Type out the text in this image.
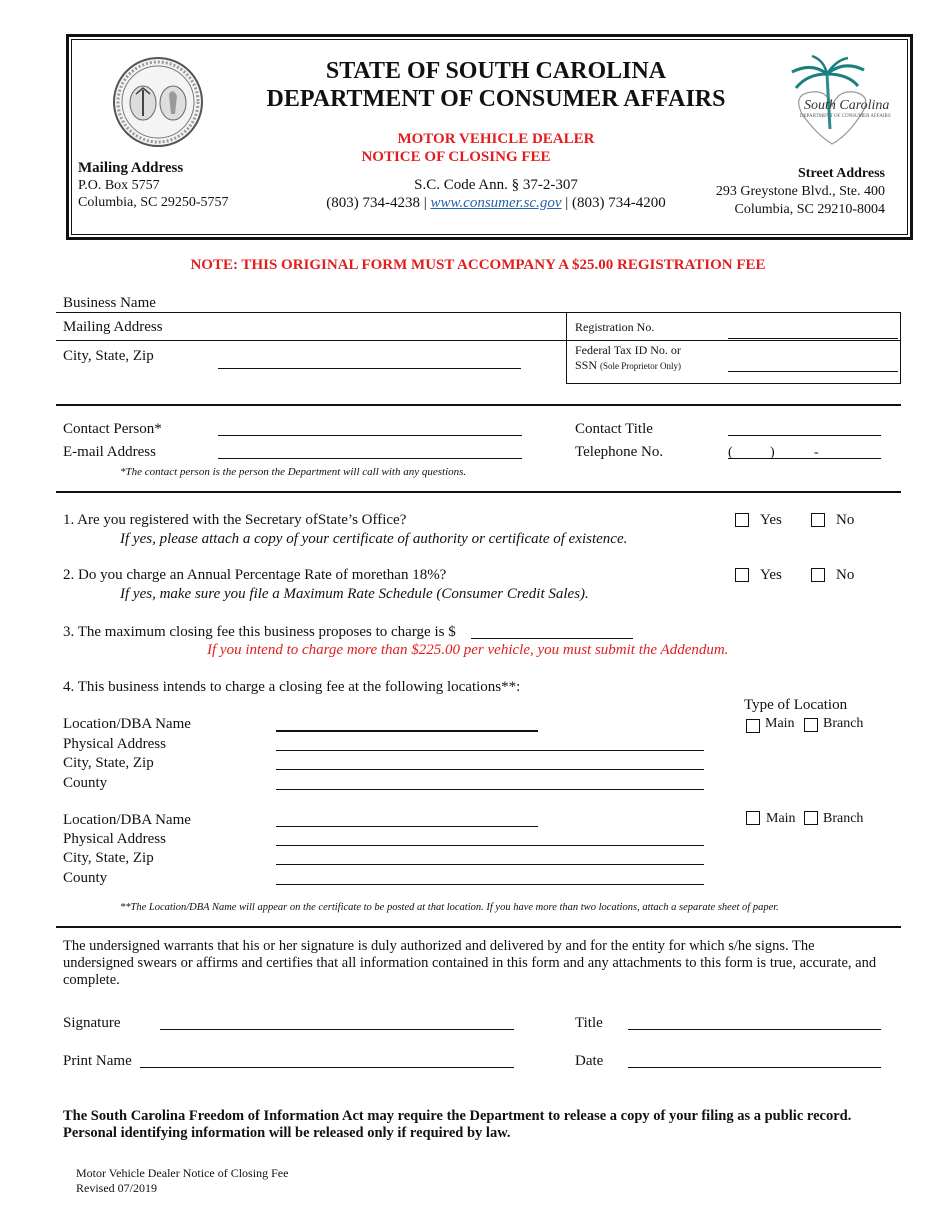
Mailing Address
P.O. Box 5757
Columbia, SC 29250-5757
STATE OF SOUTH CAROLINA
DEPARTMENT OF CONSUMER AFFAIRS
MOTOR VEHICLE DEALER
NOTICE OF CLOSING FEE
S.C. Code Ann. § 37-2-307
(803) 734-4238 | www.consumer.sc.gov | (803) 734-4200
South Carolina
DEPARTMENT OF CONSUMER AFFAIRS
Street Address
293 Greystone Blvd., Ste. 400
Columbia, SC 29210-8004
NOTE: THIS ORIGINAL FORM MUST ACCOMPANY A $25.00 REGISTRATION FEE
Business Name
Mailing Address
City, State, Zip
Registration No.
Federal Tax ID No. or
SSN (Sole Proprietor Only)
Contact Person*
E-mail Address
Contact Title
Telephone No.	(	)	-
*The contact person is the person the Department will call with any questions.
1. Are you registered with the Secretary ofState’s Office?
If yes, please attach a copy of your certificate of authority or certificate of existence.
Yes	No
2. Do you charge an Annual Percentage Rate of morethan 18%?
If yes, make sure you file a Maximum Rate Schedule (Consumer Credit Sales).
Yes	No
3. The maximum closing fee this business proposes to charge is $
If you intend to charge more than $225.00 per vehicle, you must submit the Addendum.
4. This business intends to charge a closing fee at the following locations**:
Type of Location
Location/DBA Name
Physical Address
City, State, Zip
County
Main Branch
Location/DBA Name
Physical Address
City, State, Zip
County
Main Branch
**The Location/DBA Name will appear on the certificate to be posted at that location. If you have more than two locations, attach a separate sheet of paper.
The undersigned warrants that his or her signature is duly authorized and delivered by and for the entity for which s/he signs. The undersigned swears or affirms and certifies that all information contained in this form and any attachments to this form is true, accurate, and complete.
Signature	Title
Print Name	Date
The South Carolina Freedom of Information Act may require the Department to release a copy of your filing as a public record. Personal identifying information will be released only if required by law.
Motor Vehicle Dealer Notice of Closing Fee
Revised 07/2019
